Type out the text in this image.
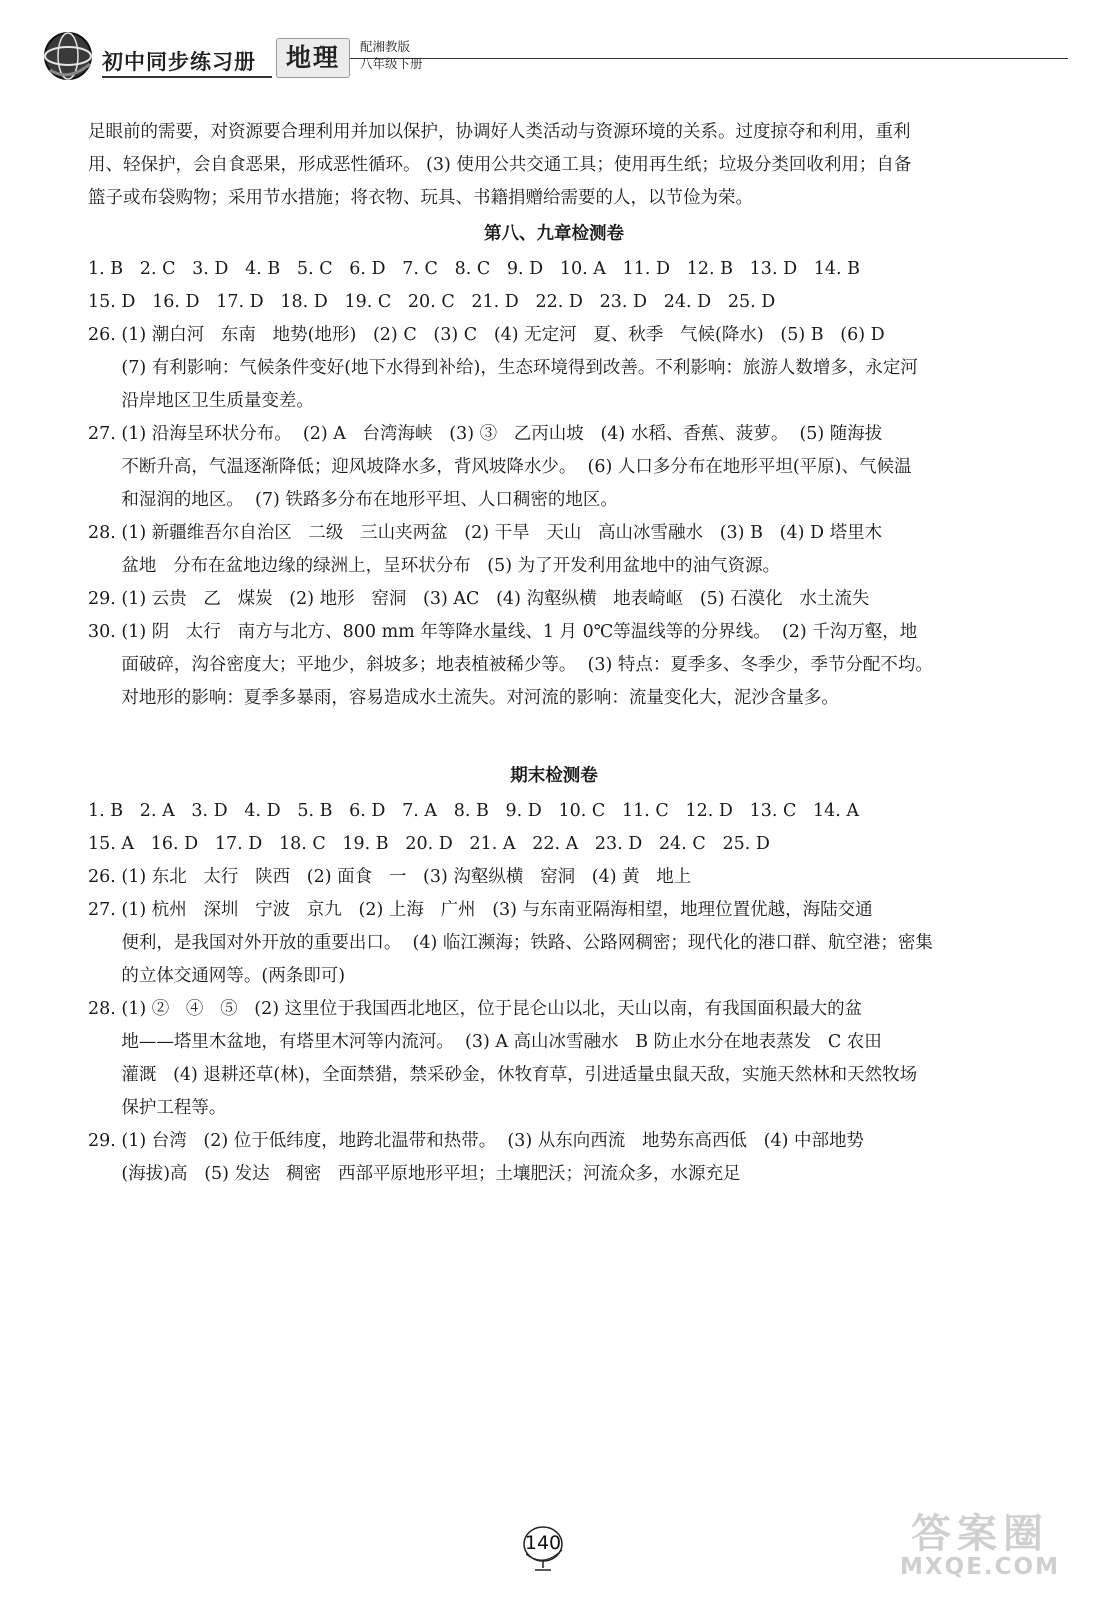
初中同步练习册	地理	配湘教版
八年级下册
足眼前的需要，对资源要合理利用并加以保护，协调好人类活动与资源环境的关系。过度掠夺和利用，重利
用、轻保护，会自食恶果，形成恶性循环。 (3) 使用公共交通工具；使用再生纸；垃圾分类回收利用；自备
篮子或布袋购物；采用节水措施；将衣物、玩具、书籍捐赠给需要的人，以节俭为荣。
第八、九章检测卷
1. B   2. C   3. D   4. B   5. C   6. D   7. C   8. C   9. D   10. A   11. D   12. B   13. D   14. B
15. D   16. D   17. D   18. D   19. C   20. C   21. D   22. D   23. D   24. D   25. D
26. (1) 潮白河   东南   地势(地形)   (2) C   (3) C   (4) 无定河   夏、秋季   气候(降水)   (5) B   (6) D
(7) 有利影响：气候条件变好(地下水得到补给)，生态环境得到改善。不利影响：旅游人数增多，永定河
沿岸地区卫生质量变差。
27. (1) 沿海呈环状分布。  (2) A   台湾海峡   (3) ③   乙丙山坡   (4) 水稻、香蕉、菠萝。  (5) 随海拔
不断升高，气温逐渐降低；迎风坡降水多，背风坡降水少。  (6) 人口多分布在地形平坦(平原)、气候温
和湿润的地区。  (7) 铁路多分布在地形平坦、人口稠密的地区。
28. (1) 新疆维吾尔自治区   二级   三山夹两盆   (2) 干旱   天山   高山冰雪融水   (3) B   (4) D 塔里木
盆地   分布在盆地边缘的绿洲上，呈环状分布   (5) 为了开发利用盆地中的油气资源。
29. (1) 云贵   乙   煤炭   (2) 地形   窑洞   (3) AC   (4) 沟壑纵横   地表崎岖   (5) 石漠化   水土流失
30. (1) 阴   太行   南方与北方、800 mm 年等降水量线、1 月 0℃等温线等的分界线。  (2) 千沟万壑，地
面破碎，沟谷密度大；平地少，斜坡多；地表植被稀少等。  (3) 特点：夏季多、冬季少，季节分配不均。
对地形的影响：夏季多暴雨，容易造成水土流失。对河流的影响：流量变化大，泥沙含量多。
期末检测卷
1. B   2. A   3. D   4. D   5. B   6. D   7. A   8. B   9. D   10. C   11. C   12. D   13. C   14. A
15. A   16. D   17. D   18. C   19. B   20. D   21. A   22. A   23. D   24. C   25. D
26. (1) 东北   太行   陕西   (2) 面食   一   (3) 沟壑纵横   窑洞   (4) 黄   地上
27. (1) 杭州   深圳   宁波   京九   (2) 上海   广州   (3) 与东南亚隔海相望，地理位置优越，海陆交通
便利，是我国对外开放的重要出口。  (4) 临江濒海；铁路、公路网稠密；现代化的港口群、航空港；密集
的立体交通网等。(两条即可)
28. (1) ②   ④   ⑤   (2) 这里位于我国西北地区，位于昆仑山以北，天山以南，有我国面积最大的盆
地——塔里木盆地，有塔里木河等内流河。  (3) A 高山冰雪融水   B 防止水分在地表蒸发   C 农田
灌溉   (4) 退耕还草(林)，全面禁猎，禁采砂金，休牧育草，引进适量虫鼠天敌，实施天然林和天然牧场
保护工程等。
29. (1) 台湾   (2) 位于低纬度，地跨北温带和热带。  (3) 从东向西流   地势东高西低   (4) 中部地势
(海拔)高   (5) 发达   稠密   西部平原地形平坦；土壤肥沃；河流众多，水源充足
140	答案圈
MXQE.COM
